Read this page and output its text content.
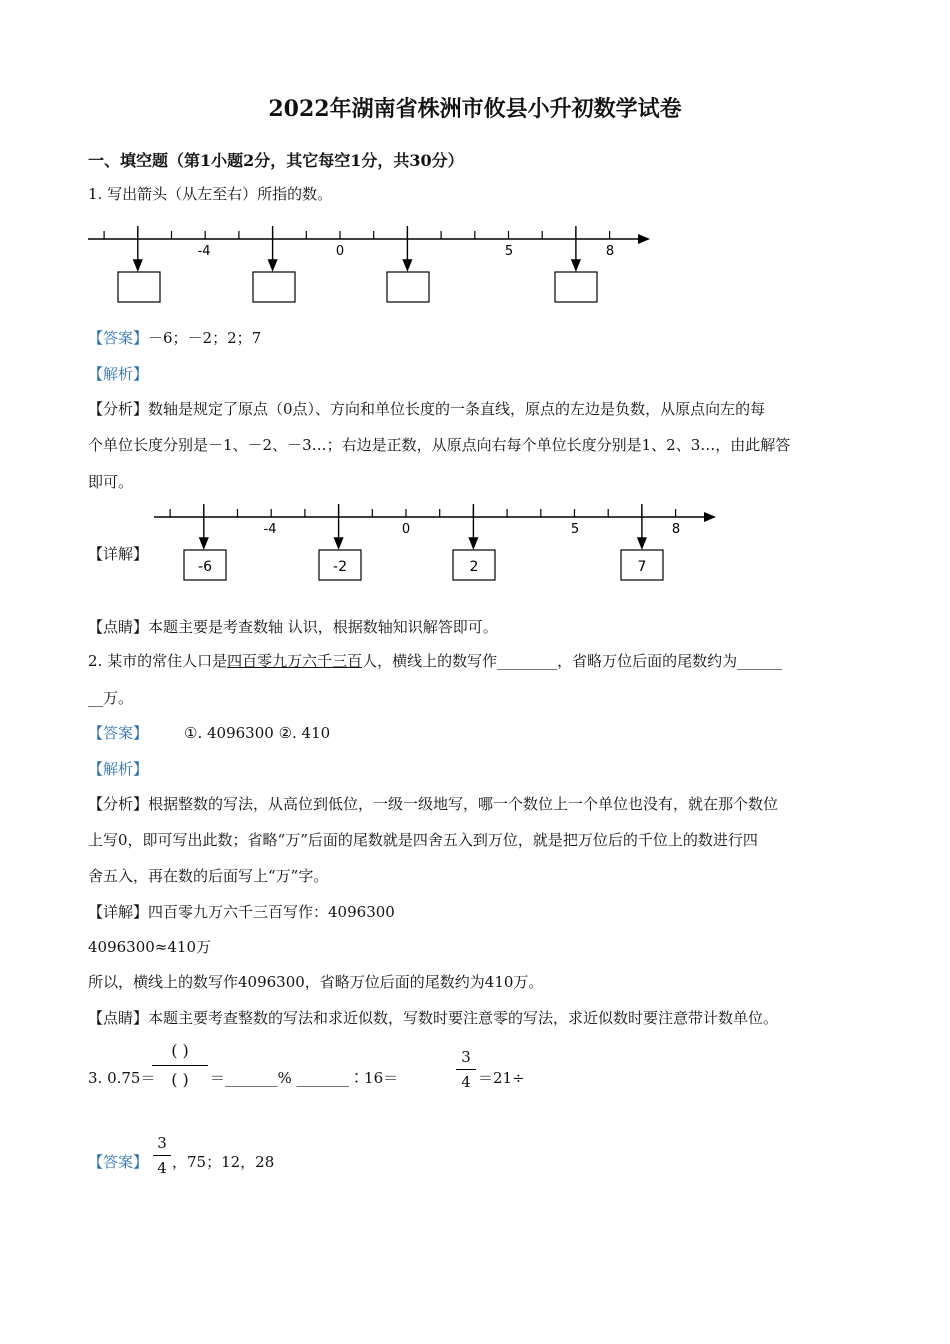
2022年湖南省株洲市攸县小升初数学试卷
一、填空题（第1小题2分，其它每空1分，共30分）
1. 写出箭头（从左至右）所指的数。
-4	0	5	8
【答案】－6；－2；2；7
【解析】
【分析】数轴是规定了原点（0点）、方向和单位长度的一条直线，原点的左边是负数，从原点向左的每
个单位长度分别是－1、－2、－3…；右边是正数，从原点向右每个单位长度分别是1、2、3…，由此解答
即可。
【详解】
-4	0	5	8
-6	-2	2	7
【点睛】本题主要是考查数轴 认识，根据数轴知识解答即可。
2. 某市的常住人口是四百零九万六千三百人，横线上的数写作________，省略万位后面的尾数约为______
__万。
【答案】 ①. 4096300 ②. 410
【解析】
【分析】根据整数的写法，从高位到低位，一级一级地写，哪一个数位上一个单位也没有，就在那个数位
上写0，即可写出此数；省略“万”后面的尾数就是四舍五入到万位，就是把万位后的千位上的数进行四
舍五入，再在数的后面写上“万”字。
【详解】四百零九万六千三百写作：4096300
4096300≈410万
所以，横线上的数写作4096300，省略万位后面的尾数约为410万。
【点睛】本题主要考查整数的写法和求近似数，写数时要注意零的写法，求近似数时要注意带计数单位。
3. 0.75＝
( )
( )	＝_______% _______∶16＝
3
4 ＝21÷
【答案】
3
4 ，75；12，28
